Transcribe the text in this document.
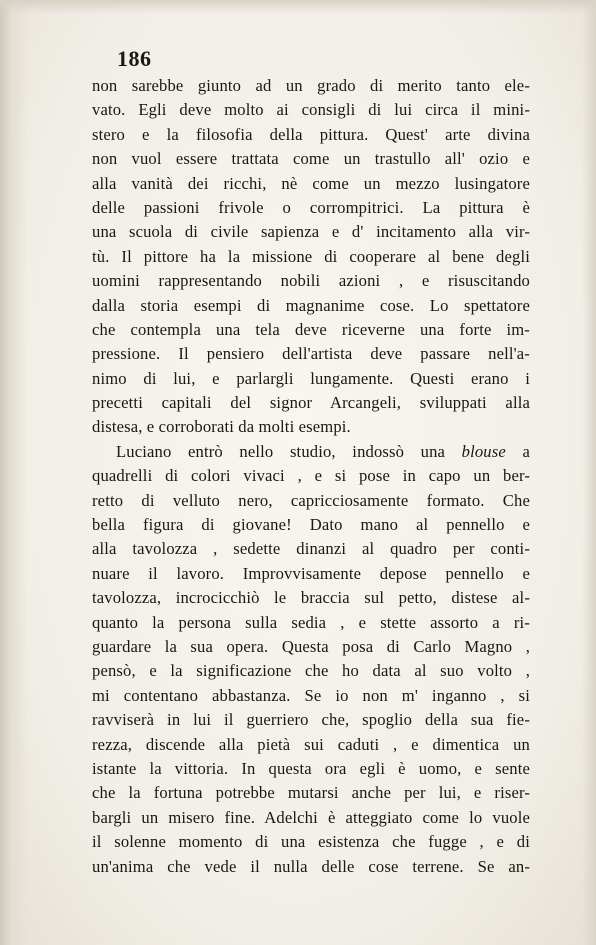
186
non sarebbe giunto ad un grado di merito tanto ele-
vato. Egli deve molto ai consigli di lui circa il mini-
stero e la filosofia della pittura. Quest' arte divina
non vuol essere trattata come un trastullo all' ozio e
alla vanità dei ricchi, nè come un mezzo lusingatore
delle passioni frivole o corrompitrici. La pittura è
una scuola di civile sapienza e d' incitamento alla vir-
tù. Il pittore ha la missione di cooperare al bene degli
uomini rappresentando nobili azioni , e risuscitando
dalla storia esempi di magnanime cose. Lo spettatore
che contempla una tela deve riceverne una forte im-
pressione. Il pensiero dell'artista deve passare nell'a-
nimo di lui, e parlargli lungamente. Questi erano i
precetti capitali del signor Arcangeli, sviluppati alla
distesa, e corroborati da molti esempi.
Luciano entrò nello studio, indossò una blouse a
quadrelli di colori vivaci , e si pose in capo un ber-
retto di velluto nero, capricciosamente formato. Che
bella figura di giovane! Dato mano al pennello e
alla tavolozza , sedette dinanzi al quadro per conti-
nuare il lavoro. Improvvisamente depose pennello e
tavolozza, incrocicchiò le braccia sul petto, distese al-
quanto la persona sulla sedia , e stette assorto a ri-
guardare la sua opera. Questa posa di Carlo Magno ,
pensò, e la significazione che ho data al suo volto ,
mi contentano abbastanza. Se io non m' inganno , si
ravviserà in lui il guerriero che, spoglio della sua fie-
rezza, discende alla pietà sui caduti , e dimentica un
istante la vittoria. In questa ora egli è uomo, e sente
che la fortuna potrebbe mutarsi anche per lui, e riser-
bargli un misero fine. Adelchi è atteggiato come lo vuole
il solenne momento di una esistenza che fugge , e di
un'anima che vede il nulla delle cose terrene. Se an-
